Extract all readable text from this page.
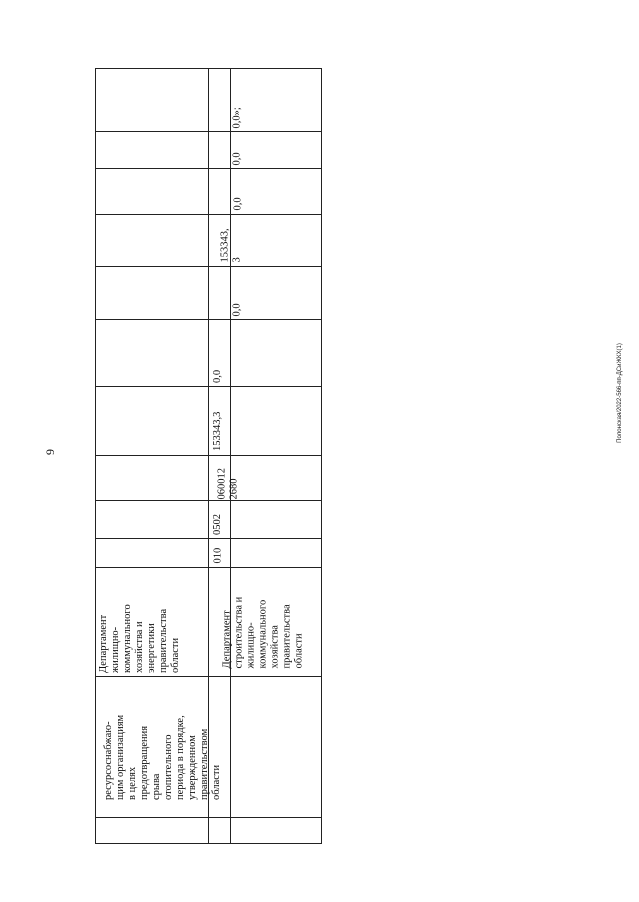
9
Полонская/2022-566-пп-ДСиЖКХ(1)
ресурсоснабжаю-
щим организациям
в целях
предотвращения
срыва
отопительного
периода в порядке,
утвержденном
правительством
области
Департамент
жилищно-
коммунального
хозяйства и
энергетики
правительства
области	Департамент
строительства и
жилищно-
коммунального
хозяйства
правительства
области
010
0502
060012
2680
153343,3
0,0
0,0
153343,
3
0,0
0,0
0,0»;
